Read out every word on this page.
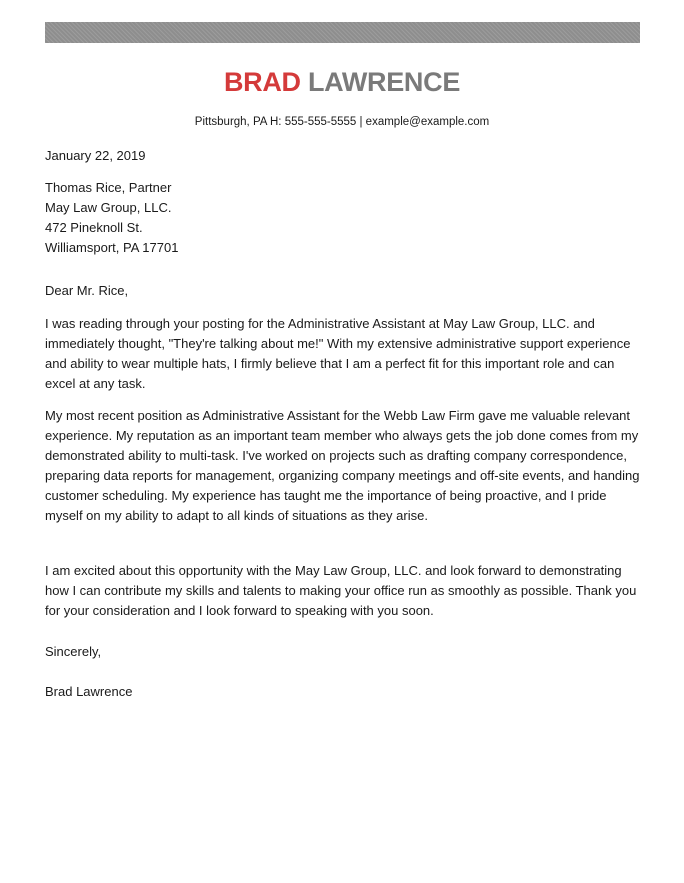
BRAD LAWRENCE
Pittsburgh, PA H: 555-555-5555 | example@example.com
January 22, 2019

Thomas Rice, Partner

May Law Group, LLC.

472 Pineknoll St.

Williamsport, PA 17701

Dear Mr. Rice,

I was reading through your posting for the Administrative Assistant at May Law Group, LLC. and immediately thought, "They're talking about me!" With my extensive administrative support experience and ability to wear multiple hats, I firmly believe that I am a perfect fit for this important role and can excel at any task.

My most recent position as Administrative Assistant for the Webb Law Firm gave me valuable relevant experience. My reputation as an important team member who always gets the job done comes from my demonstrated ability to multi-task. I've worked on projects such as drafting company correspondence, preparing data reports for management, organizing company meetings and off-site events, and handing customer scheduling. My experience has taught me the importance of being proactive, and I pride myself on my ability to adapt to all kinds of situations as they arise.

I am excited about this opportunity with the May Law Group, LLC. and look forward to demonstrating how I can contribute my skills and talents to making your office run as smoothly as possible. Thank you for your consideration and I look forward to speaking with you soon.

Sincerely,
Brad Lawrence
